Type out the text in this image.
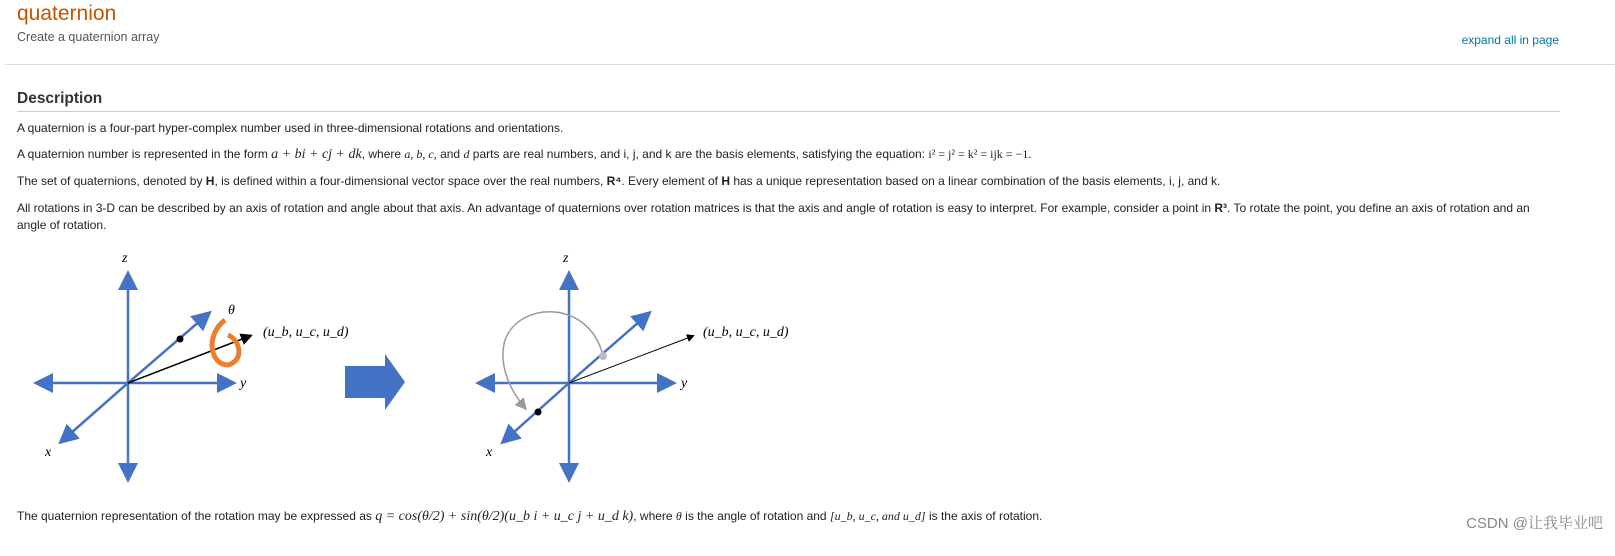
quaternion
Create a quaternion array	expand all in page
Description
A quaternion is a four-part hyper-complex number used in three-dimensional rotations and orientations.
A quaternion number is represented in the form a + bi + cj + dk, where a, b, c, and d parts are real numbers, and i, j, and k are the basis elements, satisfying the equation: i² = j² = k² = ijk = −1.
The set of quaternions, denoted by H, is defined within a four-dimensional vector space over the real numbers, R⁴. Every element of H has a unique representation based on a linear combination of the basis elements, i, j, and k.
All rotations in 3-D can be described by an axis of rotation and angle about that axis. An advantage of quaternions over rotation matrices is that the axis and angle of rotation is easy to interpret. For example, consider a point in R³. To rotate the point, you define an axis of rotation and an angle of rotation.
z
y
x
θ
(u_b, u_c, u_d)
z
y
x
(u_b, u_c, u_d)
The quaternion representation of the rotation may be expressed as q = cos(θ/2) + sin(θ/2)(u_b i + u_c j + u_d k), where θ is the angle of rotation and [u_b, u_c, and u_d] is the axis of rotation.	CSDN @让我毕业吧
